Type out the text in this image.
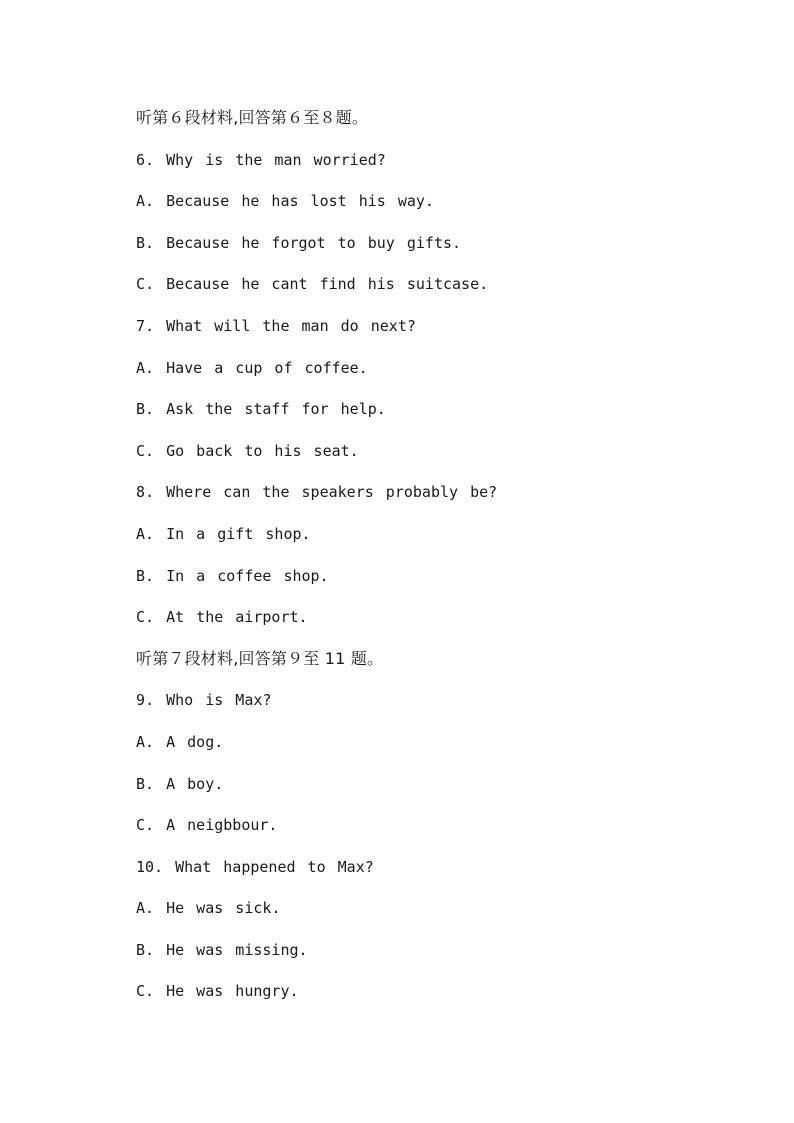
听第６段材料,回答第６至８题。
6. Why is the man worried?
A. Because he has lost his way.
B. Because he forgot to buy gifts.
C. Because he cant find his suitcase.
7. What will the man do next?
A. Have a cup of coffee.
B. Ask the staff for help.
C. Go back to his seat.
8. Where can the speakers probably be?
A. In a gift shop.
B. In a coffee shop.
C. At the airport.
听第７段材料,回答第９至 11 题。
9. Who is Max?
A. A dog.
B. A boy.
C. A neigbbour.
10. What happened to Max?
A. He was sick.
B. He was missing.
C. He was hungry.
